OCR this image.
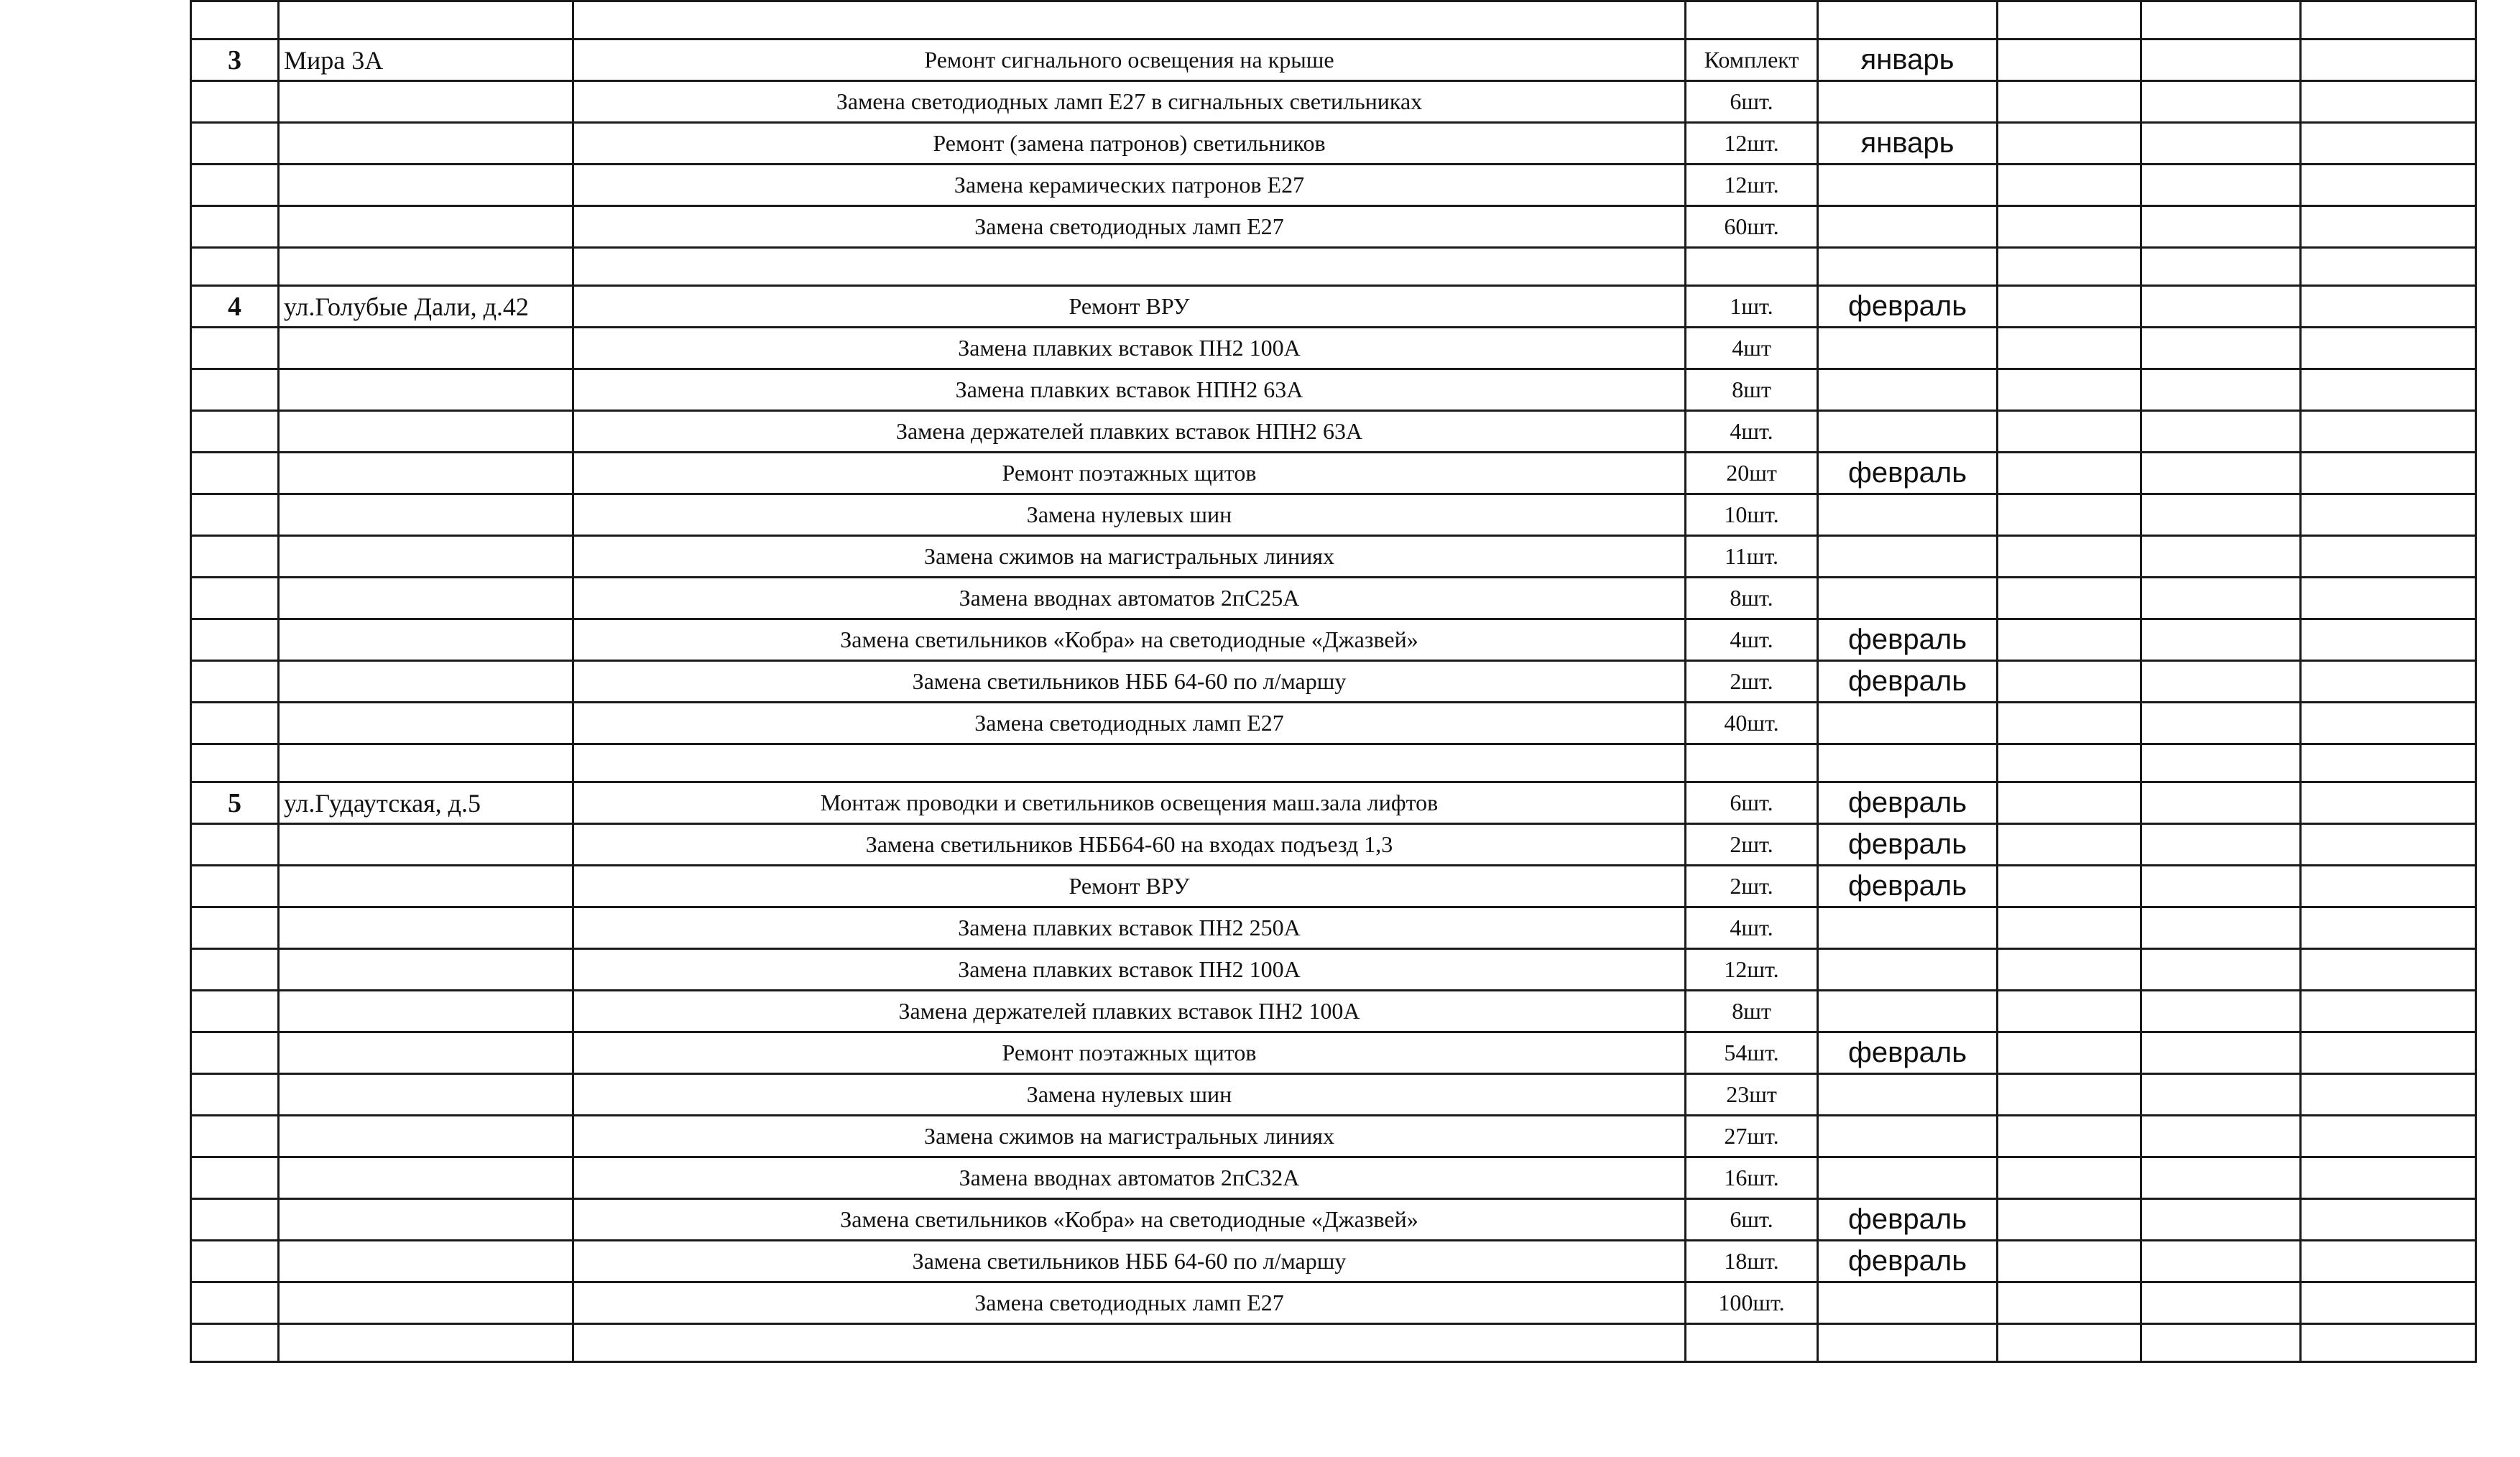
3	Мира 3А	Ремонт сигнального освещения на крыше	Комплект	январь			
		Замена светодиодных ламп Е27 в сигнальных светильниках	6шт.				
		Ремонт (замена патронов) светильников	12шт.	январь			
		Замена керамических патронов Е27	12шт.				
		Замена светодиодных ламп Е27	60шт.				

4	ул.Голубые Дали, д.42	Ремонт ВРУ	1шт.	февраль			
		Замена плавких вставок ПН2 100А	4шт				
		Замена плавких вставок НПН2 63А	8шт				
		Замена держателей плавких вставок НПН2 63А	4шт.				
		Ремонт поэтажных щитов	20шт	февраль			
		Замена нулевых шин	10шт.				
		Замена сжимов на магистральных линиях	11шт.				
		Замена вводнах автоматов 2пС25А	8шт.				
		Замена светильников «Кобра» на светодиодные «Джазвей»	4шт.	февраль			
		Замена светильников НББ 64-60 по л/маршу	2шт.	февраль			
		Замена светодиодных ламп Е27	40шт.				

5	ул.Гудаутская, д.5	Монтаж проводки и светильников освещения маш.зала лифтов	6шт.	февраль			
		Замена светильников НББ64-60 на входах подъезд 1,3	2шт.	февраль			
		Ремонт ВРУ	2шт.	февраль			
		Замена плавких вставок ПН2 250А	4шт.				
		Замена плавких вставок ПН2 100А	12шт.				
		Замена держателей плавких вставок ПН2 100А	8шт				
		Ремонт поэтажных щитов	54шт.	февраль			
		Замена нулевых шин	23шт				
		Замена сжимов на магистральных линиях	27шт.				
		Замена вводнах автоматов 2пС32А	16шт.				
		Замена светильников «Кобра» на светодиодные «Джазвей»	6шт.	февраль			
		Замена светильников НББ 64-60 по л/маршу	18шт.	февраль			
		Замена светодиодных ламп Е27	100шт.				
